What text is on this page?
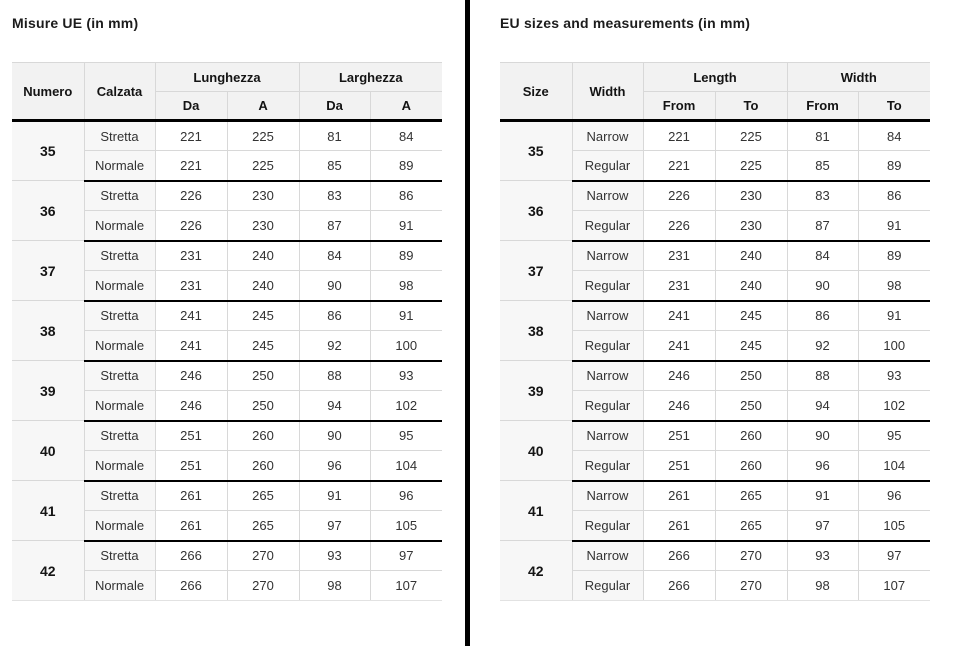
Misure UE (in mm)
Numero	Calzata	Lunghezza		Larghezza	
		Da	A	Da	A
35	Stretta	221	225	81	84
	Normale	221	225	85	89
36	Stretta	226	230	83	86
	Normale	226	230	87	91
37	Stretta	231	240	84	89
	Normale	231	240	90	98
38	Stretta	241	245	86	91
	Normale	241	245	92	100
39	Stretta	246	250	88	93
	Normale	246	250	94	102
40	Stretta	251	260	90	95
	Normale	251	260	96	104
41	Stretta	261	265	91	96
	Normale	261	265	97	105
42	Stretta	266	270	93	97
	Normale	266	270	98	107
EU sizes and measurements (in mm)
Size	Width	Length		Width	
		From	To	From	To
35	Narrow	221	225	81	84
	Regular	221	225	85	89
36	Narrow	226	230	83	86
	Regular	226	230	87	91
37	Narrow	231	240	84	89
	Regular	231	240	90	98
38	Narrow	241	245	86	91
	Regular	241	245	92	100
39	Narrow	246	250	88	93
	Regular	246	250	94	102
40	Narrow	251	260	90	95
	Regular	251	260	96	104
41	Narrow	261	265	91	96
	Regular	261	265	97	105
42	Narrow	266	270	93	97
	Regular	266	270	98	107
